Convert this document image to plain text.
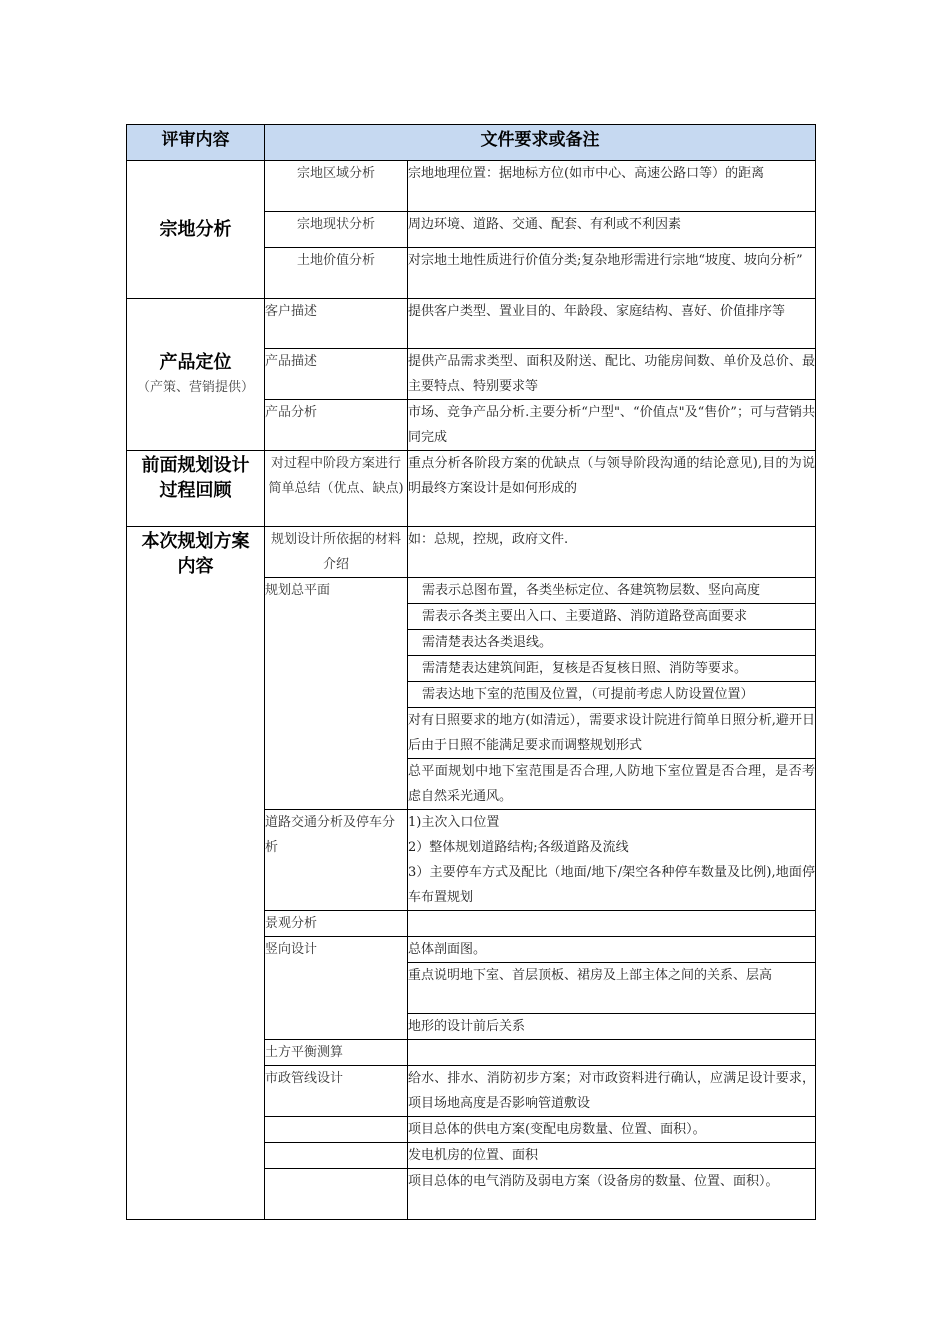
评审内容	文件要求或备注	

宗地分析	宗地区域分析	宗地地理位置：据地标方位(如市中心、高速公路口等）的距离
	宗地现状分析	周边环境、道路、交通、配套、有利或不利因素
	土地价值分析	对宗地土地性质进行价值分类;复杂地形需进行宗地“坡度、坡向分析”

产品定位
（产策、营销提供）	客户描述	提供客户类型、置业目的、年龄段、家庭结构、喜好、价值排序等
	产品描述	提供产品需求类型、面积及附送、配比、功能房间数、单价及总价、最主要特点、特别要求等
	产品分析	市场、竞争产品分析.主要分析“户型"、“价值点"及“售价”；可与营销共同完成

前面规划设计过程回顾	对过程中阶段方案进行简单总结（优点、缺点)	重点分析各阶段方案的优缺点（与领导阶段沟通的结论意见),目的为说明最终方案设计是如何形成的

本次规划方案内容	规划设计所依据的材料介绍	如：总规，控规，政府文件.
	规划总平面	需表示总图布置，各类坐标定位、各建筑物层数、竖向高度
		需表示各类主要出入口、主要道路、消防道路登高面要求
		需清楚表达各类退线。
		需清楚表达建筑间距，复核是否复核日照、消防等要求。
		需表达地下室的范围及位置，（可提前考虑人防设置位置）
		对有日照要求的地方(如清远），需要求设计院进行简单日照分析,避开日后由于日照不能满足要求而调整规划形式
		总平面规划中地下室范围是否合理,人防地下室位置是否合理，是否考虑自然采光通风。
	道路交通分析及停车分析	1)主次入口位置
2）整体规划道路结构;各级道路及流线
3）主要停车方式及配比（地面/地下/架空各种停车数量及比例),地面停车布置规划

	景观分析	
	竖向设计	总体剖面图。
		重点说明地下室、首层顶板、裙房及上部主体之间的关系、层高
		地形的设计前后关系
	土方平衡测算	
	市政管线设计	给水、排水、消防初步方案；对市政资料进行确认，应满足设计要求，项目场地高度是否影响管道敷设
		项目总体的供电方案(变配电房数量、位置、面积）。
		发电机房的位置、面积
		项目总体的电气消防及弱电方案（设备房的数量、位置、面积）。
